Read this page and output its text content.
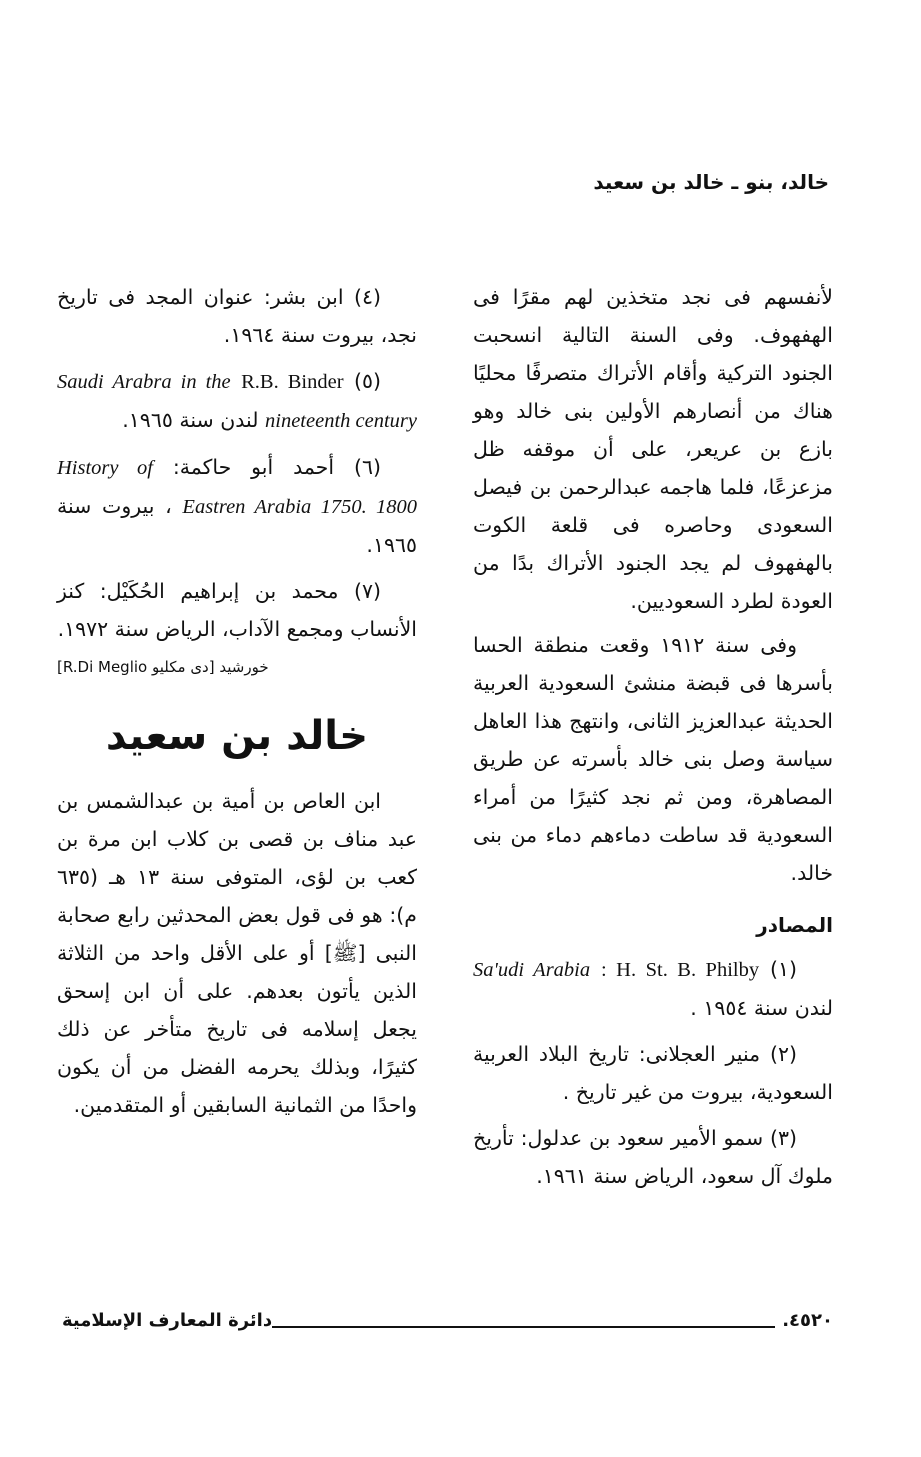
خالد، بنو ـ خالد بن سعيد

لأنفسهم فى نجد متخذين لهم مقرًا فى الهفهوف. وفى السنة التالية انسحبت الجنود التركية وأقام الأتراك متصرفًا محليًا هناك من أنصارهم الأولين بنى خالد وهو بازع بن عريعر، على أن موقفه ظل مزعزعًا، فلما هاجمه عبدالرحمن بن فيصل السعودى وحاصره فى قلعة الكوت بالهفهوف لم يجد الجنود الأتراك بدًا من العودة لطرد السعوديين.

وفى سنة ١٩١٢ وقعت منطقة الحسا بأسرها فى قبضة منشئ السعودية العربية الحديثة عبدالعزيز الثانى، وانتهج هذا العاهل سياسة وصل بنى خالد بأسرته عن طريق المصاهرة، ومن ثم نجد كثيرًا من أمراء السعودية قد ساطت دماءهم دماء من بنى خالد.

المصادر

(١) : H. St. B. Philby Sa'udi Arabia لندن سنة ١٩٥٤ .

(٢) منير العجلانى: تاريخ البلاد العربية السعودية، بيروت من غير تاريخ .

(٣) سمو الأمير سعود بن عدلول: تأريخ ملوك آل سعود، الرياض سنة ١٩٦١.

(٤) ابن بشر: عنوان المجد فى تاريخ نجد، بيروت سنة ١٩٦٤.

(٥) R.B. Binder Saudi Arabra in the nineteenth century لندن سنة ١٩٦٥.

(٦) أحمد أبو حاكمة: History of Eastren Arabia 1750. 1800 ، بيروت سنة ١٩٦٥.

(٧) محمد بن إبراهيم الحُكَيْل: كنز الأنساب ومجمع الآداب، الرياض سنة ١٩٧٢.

خورشيد [دى مكليو R.Di Meglio]
خالد بن سعيد

ابن العاص بن أمية بن عبدالشمس بن عبد مناف بن قصى بن كلاب ابن مرة بن كعب بن لؤى، المتوفى سنة ١٣ هـ (٦٣٥ م): هو فى قول بعض المحدثين رابع صحابة النبى [ﷺ] أو على الأقل واحد من الثلاثة الذين يأتون بعدهم. على أن ابن إسحق يجعل إسلامه فى تاريخ متأخر عن ذلك كثيرًا، وبذلك يحرمه الفضل من أن يكون واحدًا من الثمانية السابقين أو المتقدمين.

دائرة المعارف الإسلامية	٤٥٢٠.
